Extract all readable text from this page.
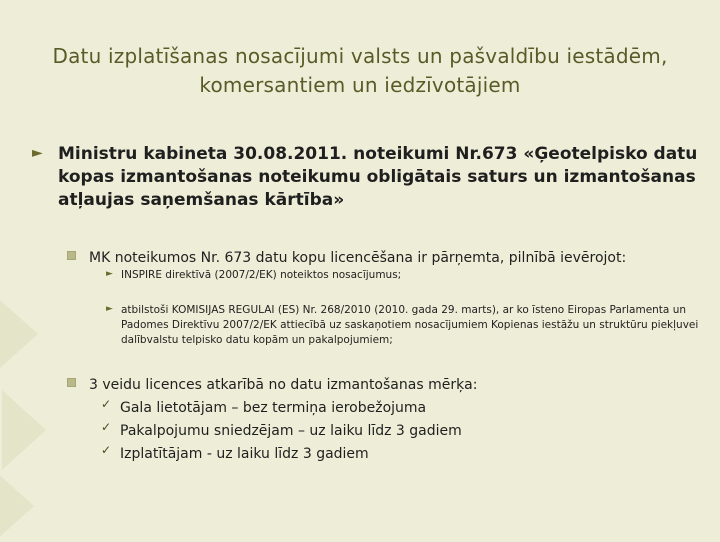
Datu izplatīšanas nosacījumi valsts un pašvaldību iestādēm, komersantiem un iedzīvotājiem
► Ministru kabineta 30.08.2011. noteikumi Nr.673 «Ģeotelpisko datu kopas izmantošanas noteikumu obligātais saturs un izmantošanas atļaujas saņemšanas kārtība»
MK noteikumos Nr. 673 datu kopu licencēšana ir pārņemta, pilnībā ievērojot:
► INSPIRE direktīvā (2007/2/EK) noteiktos nosacījumus;
► atbilstoši KOMISIJAS REGULAI (ES) Nr. 268/2010 (2010. gada 29. marts), ar ko īsteno Eiropas Parlamenta un Padomes Direktīvu 2007/2/EK attiecībā uz saskaņotiem nosacījumiem Kopienas iestāžu un struktūru piekļuvei dalībvalstu telpisko datu kopām un pakalpojumiem;
3 veidu licences atkarībā no datu izmantošanas mērķa:
✓ Gala lietotājam – bez termiņa ierobežojuma
✓ Pakalpojumu sniedzējam – uz laiku līdz 3 gadiem
✓ Izplatītājam - uz laiku līdz 3 gadiem
